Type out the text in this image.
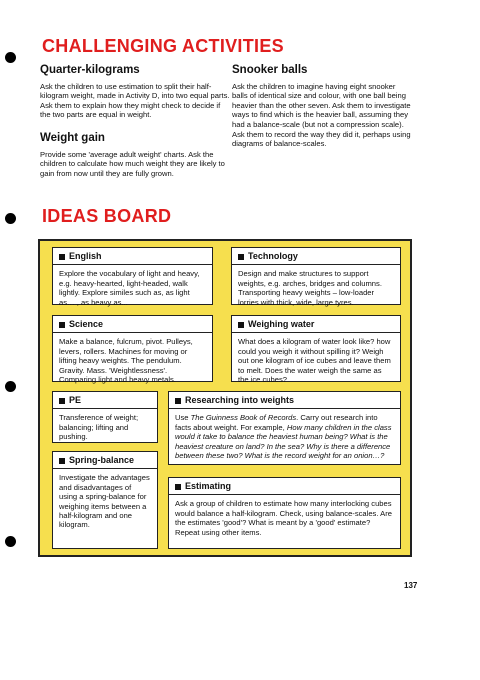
CHALLENGING ACTIVITIES
Quarter-kilograms

Ask the children to use estimation to split their half-kilogram weight, made in Activity D, into two equal parts. Ask them to explain how they might check to decide if the two parts are equal in weight.

Weight gain

Provide some 'average adult weight' charts. Ask the children to calculate how much weight they are likely to gain from now until they are fully grown.

Snooker balls

Ask the children to imagine having eight snooker balls of identical size and colour, with one ball being heavier than the other seven. Ask them to investigate ways to find which is the heavier ball, assuming they had a balance-scale (but not a compression scale). Ask them to record the way they did it, perhaps using diagrams of balance-scales.

IDEAS BOARD
English
Explore the vocabulary of light and heavy, e.g. heavy-hearted, light-headed, walk lightly. Explore similes such as, as light as… , as heavy as...
Technology
Design and make structures to support weights, e.g. arches, bridges and columns. Transporting heavy weights – low-loader lorries with thick, wide, large tyres.
Science
Make a balance, fulcrum, pivot. Pulleys, levers, rollers. Machines for moving or lifting heavy weights. The pendulum. Gravity. Mass. 'Weightlessness'. Comparing light and heavy metals.
Weighing water
What does a kilogram of water look like? how could you weigh it without spilling it? Weigh out one kilogram of ice cubes and leave them to melt. Does the water weigh the same as the ice cubes?
PE
Transference of weight; balancing; lifting and pushing.
Researching into weights
Use The Guinness Book of Records. Carry out research into facts about weight. For example, How many children in the class would it take to balance the heaviest human being? What is the heaviest creature on land? In the sea? Why is there a difference between these two? What is the record weight for an onion…?
Spring-balance
Investigate the advantages and disadvantages of using a spring-balance for weighing items between a half-kilogram and one kilogram.
Estimating
Ask a group of children to estimate how many interlocking cubes would balance a half-kilogram. Check, using balance-scales. Are the estimates 'good'? What is meant by a 'good' estimate? Repeat using other items.
137
